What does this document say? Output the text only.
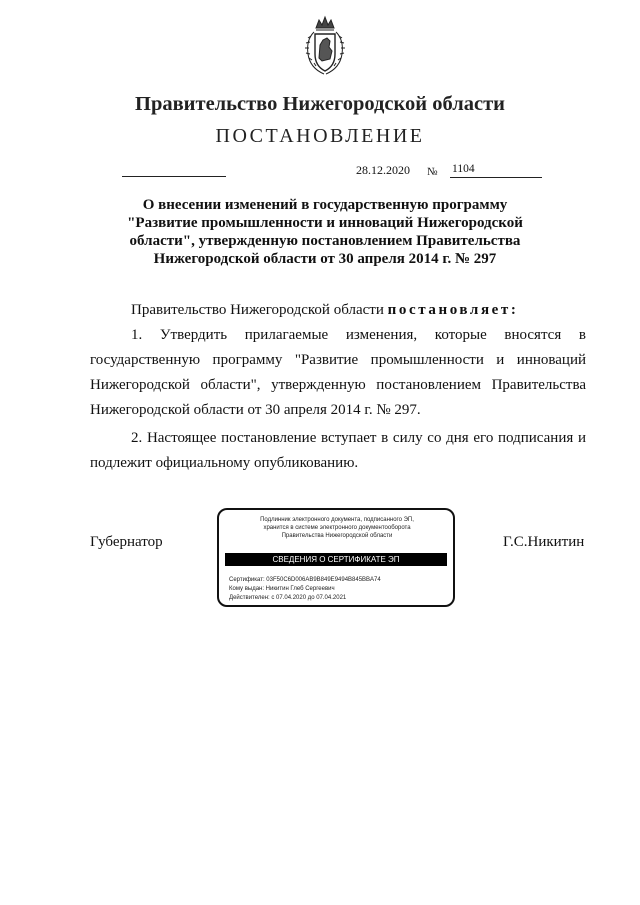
Правительство Нижегородской области
ПОСТАНОВЛЕНИЕ
28.12.2020 № 1104
О внесении изменений в государственную программу
"Развитие промышленности и инноваций Нижегородской
области", утвержденную постановлением Правительства
Нижегородской области от 30 апреля 2014 г. № 297
Правительство Нижегородской области постановляет:
1. Утвердить прилагаемые изменения, которые вносятся в
государственную программу "Развитие промышленности и инноваций Нижегородской области", утвержденную постановлением Правительства Нижегородской области от 30 апреля 2014 г. № 297.
2. Настоящее постановление вступает в силу со дня его подписания и подлежит официальному опубликованию.
Губернатор
Подлинник электронного документа, подписанного ЭП,
хранится в системе электронного документооборота
Правительства Нижегородской области
СВЕДЕНИЯ О СЕРТИФИКАТЕ ЭП
Сертификат: 03F50C6D006AB9B849E9494B845BBA74
Кому выдан: Никитин Глеб Сергеевич
Действителен: с 07.04.2020 до 07.04.2021
Г.С.Никитин
